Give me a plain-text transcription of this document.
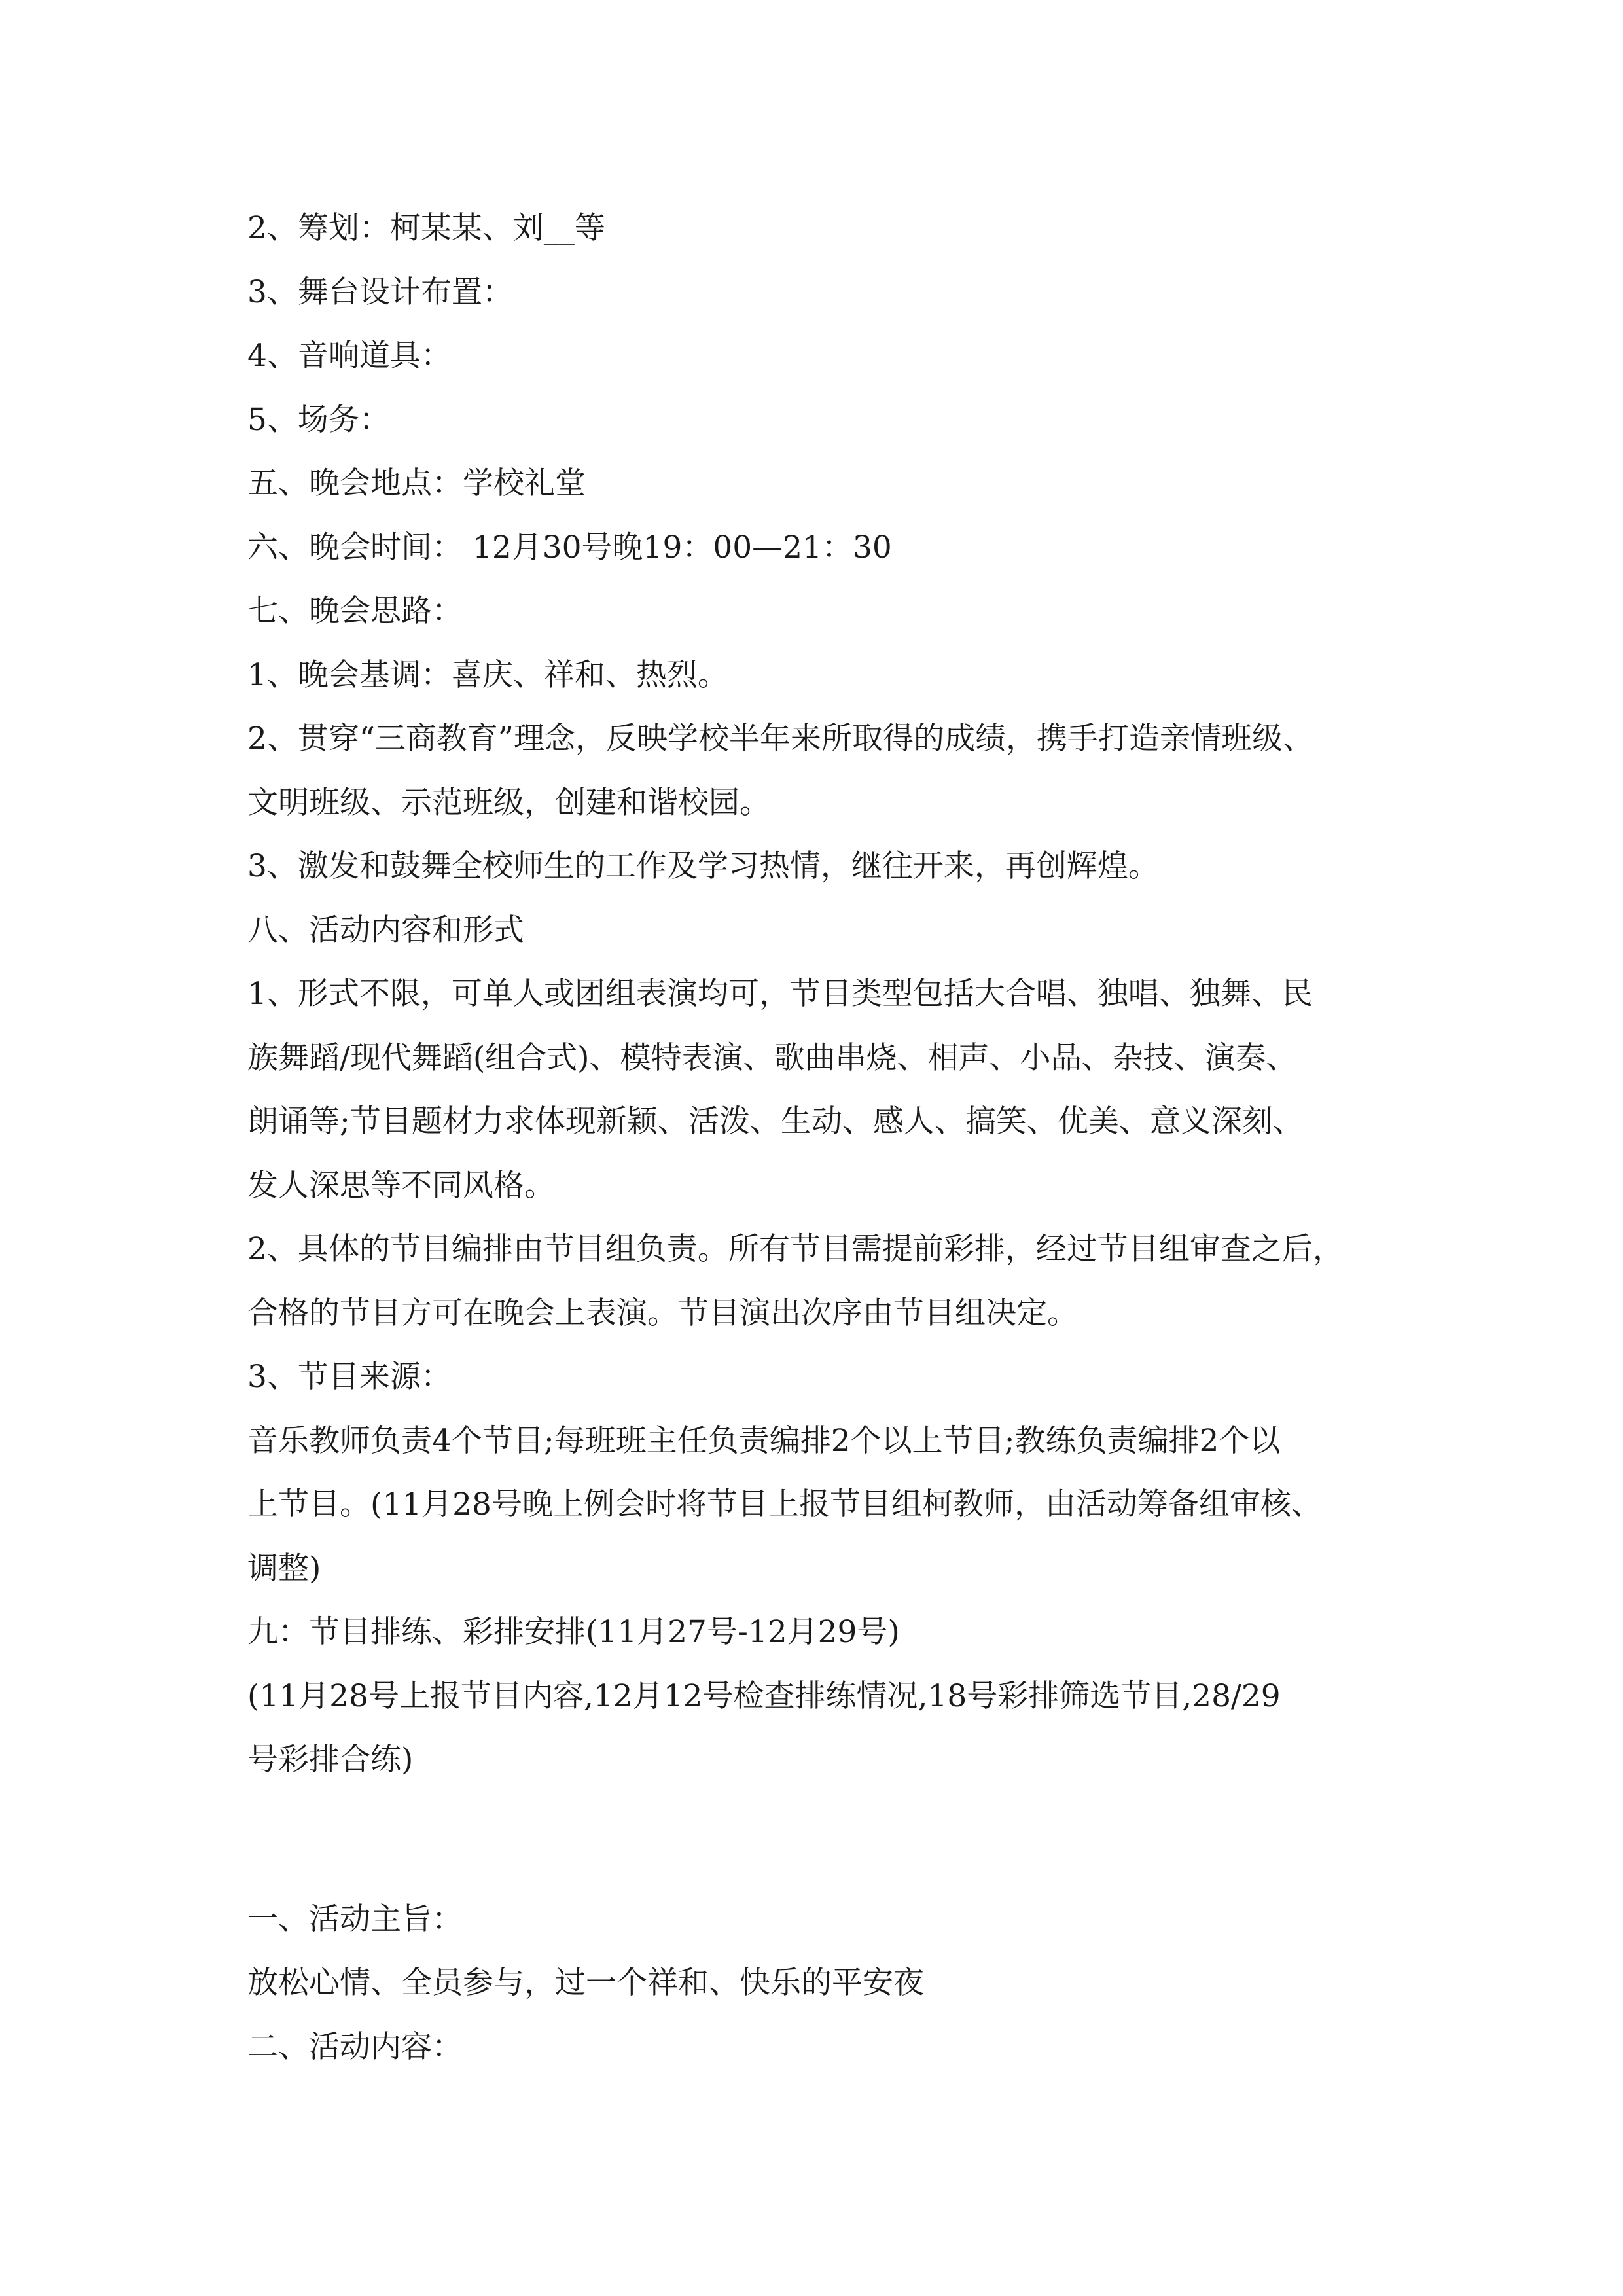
2、筹划：柯某某、刘__等
3、舞台设计布置：
4、音响道具：
5、场务：
五、晚会地点：学校礼堂
六、晚会时间： 12月30号晚19：00—21：30
七、晚会思路：
1、晚会基调：喜庆、祥和、热烈。
2、贯穿“三商教育”理念，反映学校半年来所取得的成绩，携手打造亲情班级、
文明班级、示范班级，创建和谐校园。
3、激发和鼓舞全校师生的工作及学习热情，继往开来，再创辉煌。
八、活动内容和形式
1、形式不限，可单人或团组表演均可，节目类型包括大合唱、独唱、独舞、民
族舞蹈/现代舞蹈(组合式)、模特表演、歌曲串烧、相声、小品、杂技、演奏、
朗诵等;节目题材力求体现新颖、活泼、生动、感人、搞笑、优美、意义深刻、
发人深思等不同风格。
2、具体的节目编排由节目组负责。所有节目需提前彩排，经过节目组审查之后，
合格的节目方可在晚会上表演。节目演出次序由节目组决定。
3、节目来源：
音乐教师负责4个节目;每班班主任负责编排2个以上节目;教练负责编排2个以
上节目。(11月28号晚上例会时将节目上报节目组柯教师，由活动筹备组审核、
调整)
九：节目排练、彩排安排(11月27号-12月29号)
(11月28号上报节目内容,12月12号检查排练情况,18号彩排筛选节目,28/29
号彩排合练)
一、活动主旨：
放松心情、全员参与，过一个祥和、快乐的平安夜
二、活动内容：
